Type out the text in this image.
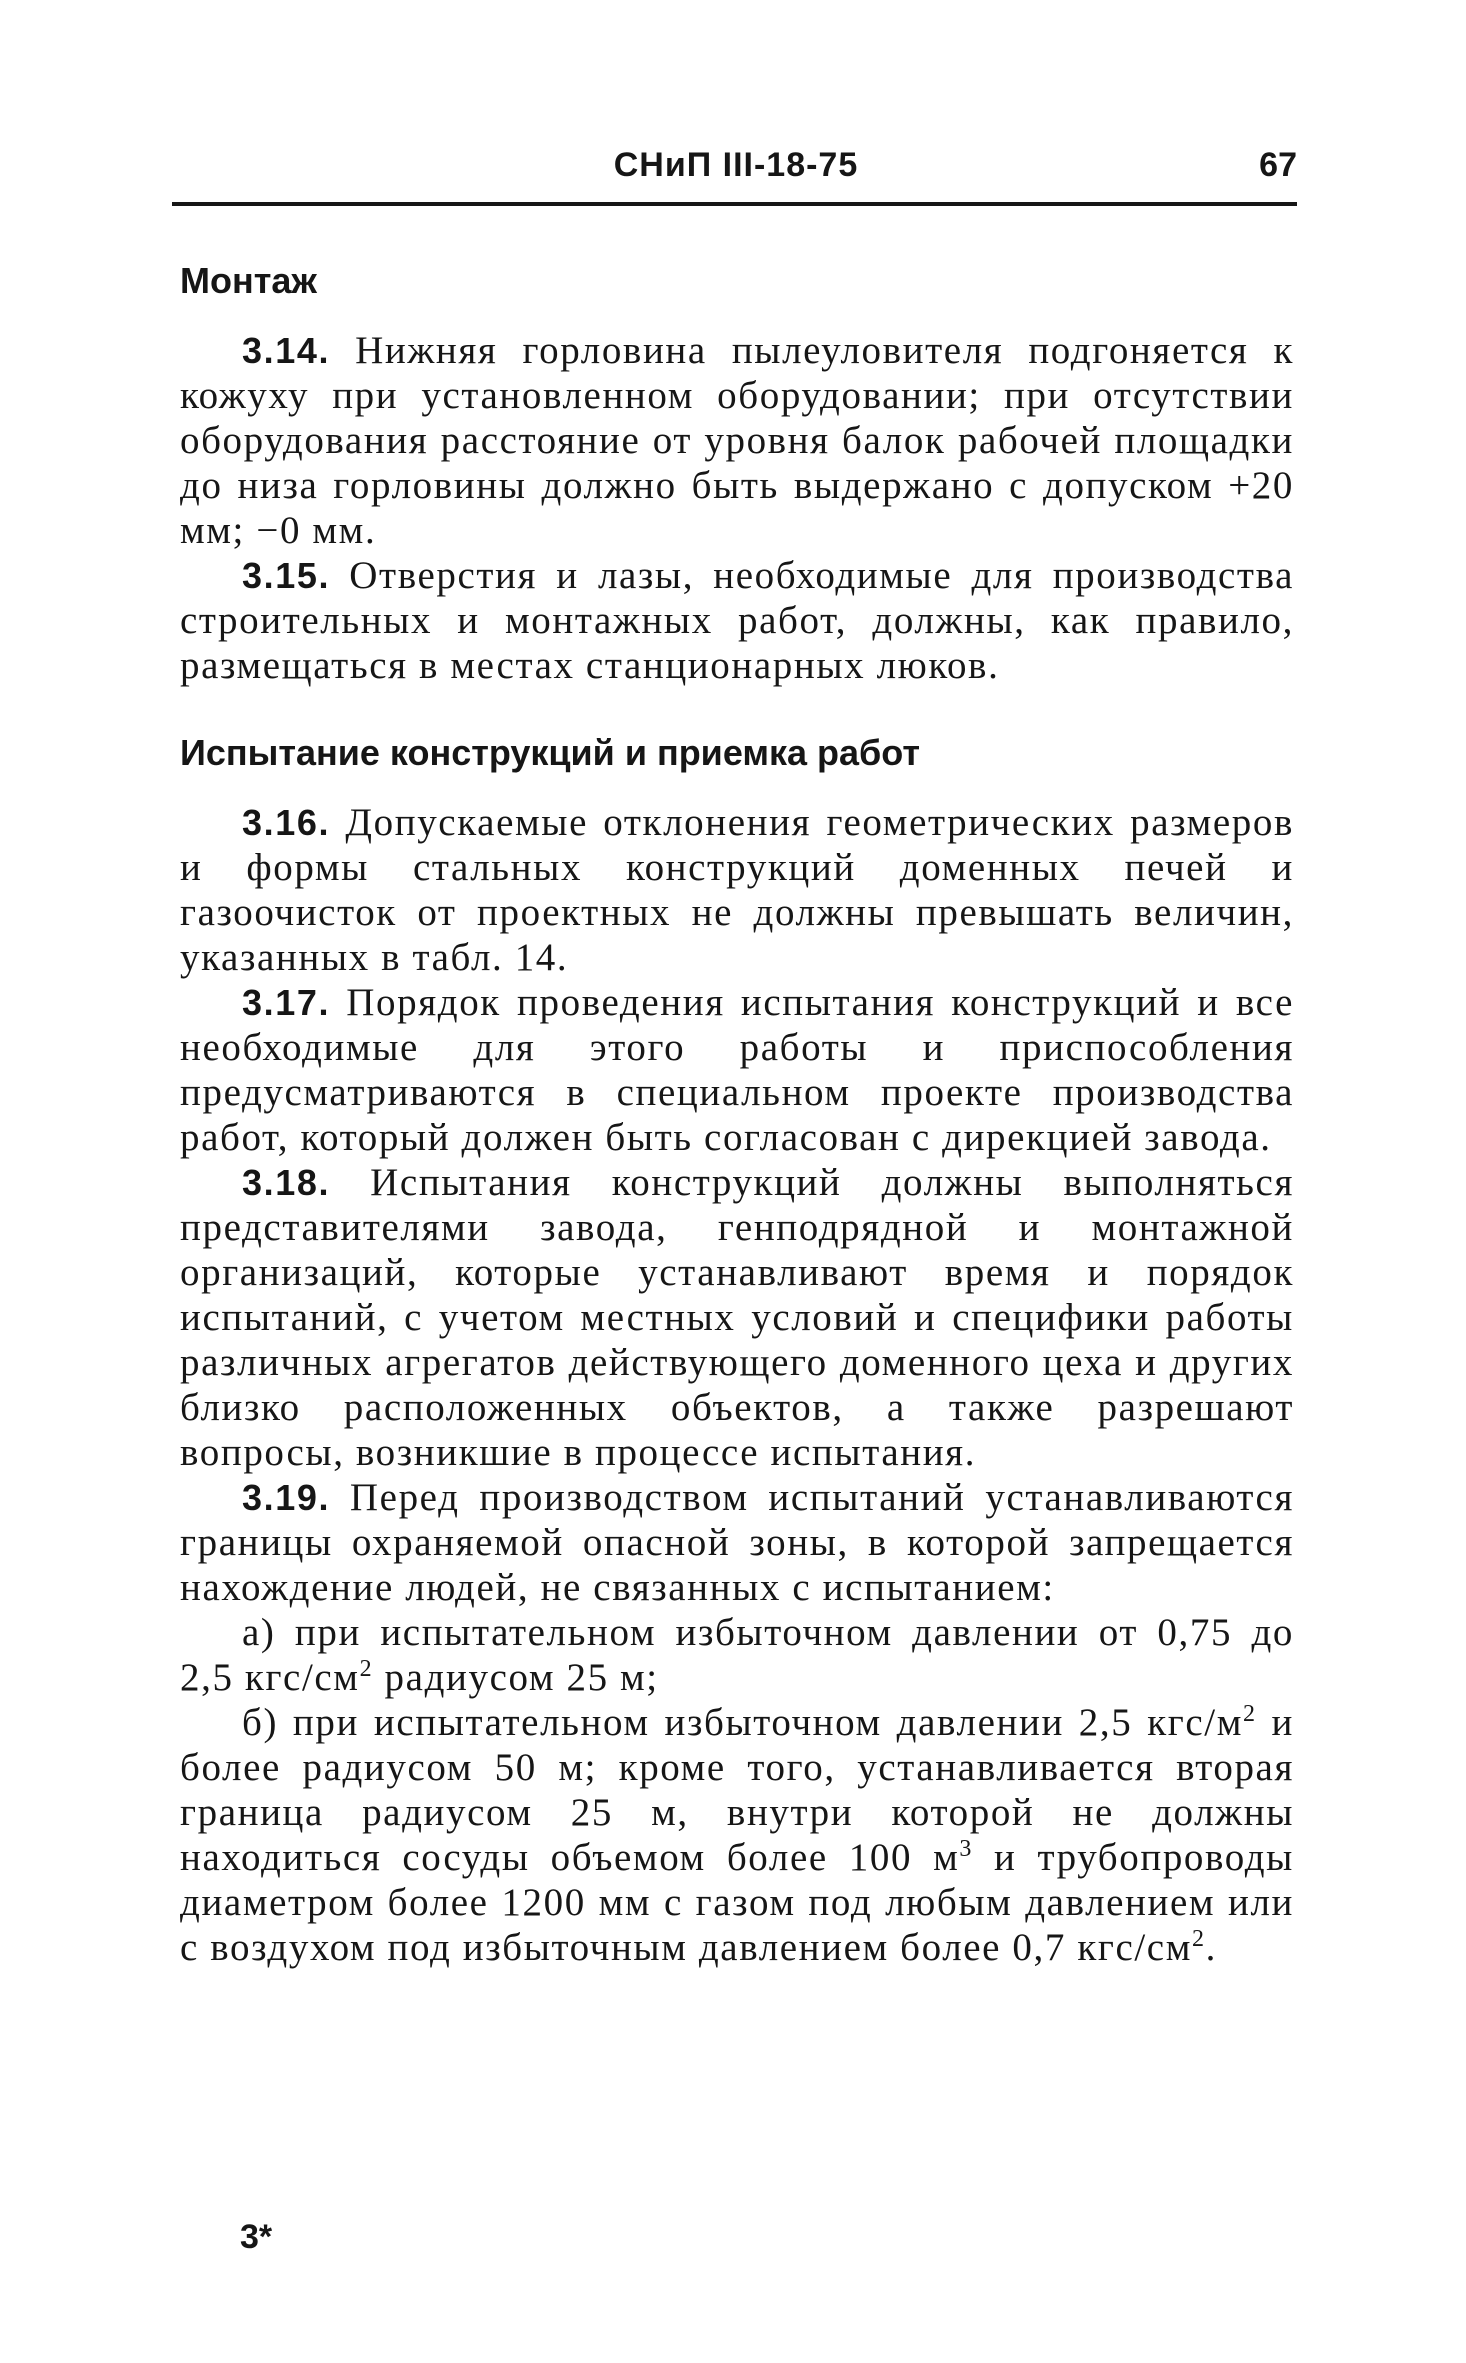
СНиП III-18-75	67
Монтаж

3.14. Нижняя горловина пылеуловителя подгоняется к кожуху при установленном оборудовании; при отсутствии оборудования расстояние от уровня балок рабочей площадки до низа горловины должно быть выдержано с допуском +20 мм; −0 мм.

3.15. Отверстия и лазы, необходимые для производства строительных и монтажных работ, должны, как правило, размещаться в местах станционарных люков.

Испытание конструкций и приемка работ

3.16. Допускаемые отклонения геометрических размеров и формы стальных конструкций доменных печей и газоочисток от проектных не должны превышать величин, указанных в табл. 14.

3.17. Порядок проведения испытания конструкций и все необходимые для этого работы и приспособления предусматриваются в специальном проекте производства работ, который должен быть согласован с дирекцией завода.

3.18. Испытания конструкций должны выполняться представителями завода, генподрядной и монтажной организаций, которые устанавливают время и порядок испытаний, с учетом местных условий и специфики работы различных агрегатов действующего доменного цеха и других близко расположенных объектов, а также разрешают вопросы, возникшие в процессе испытания.

3.19. Перед производством испытаний устанавливаются границы охраняемой опасной зоны, в которой запрещается нахождение людей, не связанных с испытанием:

а) при испытательном избыточном давлении от 0,75 до 2,5 кгс/$см^2$ радиусом 25 м;

б) при испытательном избыточном давлении 2,5 кгс/$м^2$ и более радиусом 50 м; кроме того, устанавливается вторая граница радиусом 25 м, внутри которой не должны находиться сосуды объемом более 100 $м^3$ и трубопроводы диаметром более 1200 мм с газом под любым давлением или с воздухом под избыточным давлением более 0,7 кгс/$см^2$.

3*
